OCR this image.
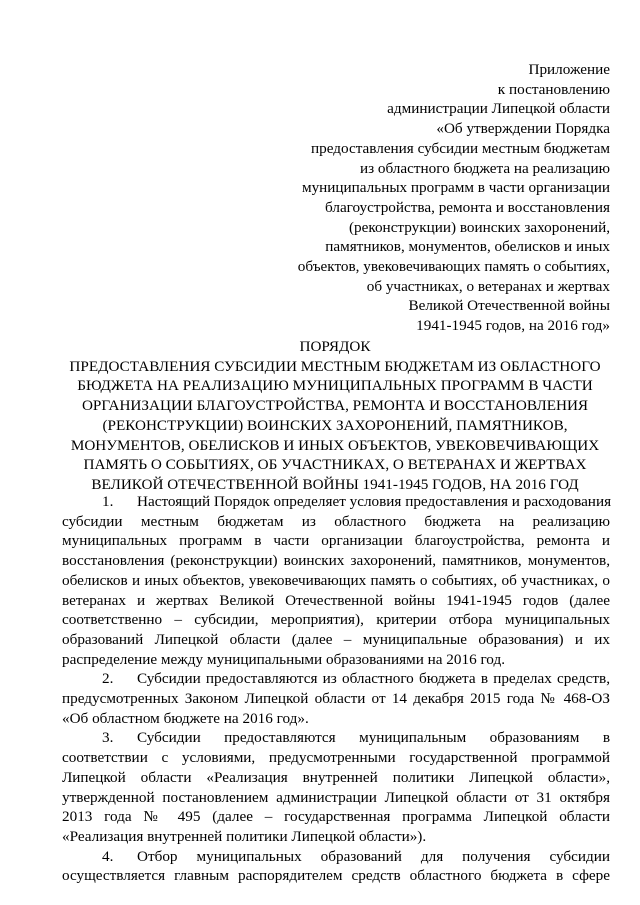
Приложение
к постановлению
администрации Липецкой области
«Об утверждении Порядка
предоставления субсидии местным бюджетам
из областного бюджета на реализацию
муниципальных программ в части организации
благоустройства, ремонта и восстановления
(реконструкции) воинских захоронений,
памятников, монументов, обелисков и иных
объектов, увековечивающих память о событиях,
об участниках, о ветеранах и жертвах
Великой Отечественной войны
1941-1945 годов, на 2016 год»
ПОРЯДОК
ПРЕДОСТАВЛЕНИЯ СУБСИДИИ МЕСТНЫМ БЮДЖЕТАМ ИЗ ОБЛАСТНОГО
БЮДЖЕТА НА РЕАЛИЗАЦИЮ МУНИЦИПАЛЬНЫХ ПРОГРАММ В ЧАСТИ
ОРГАНИЗАЦИИ БЛАГОУСТРОЙСТВА, РЕМОНТА И ВОССТАНОВЛЕНИЯ
(РЕКОНСТРУКЦИИ) ВОИНСКИХ ЗАХОРОНЕНИЙ, ПАМЯТНИКОВ,
МОНУМЕНТОВ, ОБЕЛИСКОВ И ИНЫХ ОБЪЕКТОВ, УВЕКОВЕЧИВАЮЩИХ
ПАМЯТЬ О СОБЫТИЯХ, ОБ УЧАСТНИКАХ, О ВЕТЕРАНАХ И ЖЕРТВАХ
ВЕЛИКОЙ ОТЕЧЕСТВЕННОЙ ВОЙНЫ 1941-1945 ГОДОВ, НА 2016 ГОД
1. Настоящий Порядок определяет условия предоставления и расходования
субсидии местным бюджетам из областного бюджета на реализацию
муниципальных программ в части организации благоустройства, ремонта и
восстановления (реконструкции) воинских захоронений, памятников, монументов,
обелисков и иных объектов, увековечивающих память о событиях, об участниках, о
ветеранах и жертвах Великой Отечественной войны 1941-1945 годов (далее
соответственно – субсидии, мероприятия), критерии отбора муниципальных
образований Липецкой области (далее – муниципальные образования) и их
распределение между муниципальными образованиями на 2016 год.
2. Субсидии предоставляются из областного бюджета в пределах средств,
предусмотренных Законом Липецкой области от 14 декабря 2015 года № 468-ОЗ
«Об областном бюджете на 2016 год».
3. Субсидии предоставляются муниципальным образованиям в
соответствии с условиями, предусмотренными государственной программой
Липецкой области «Реализация внутренней политики Липецкой области»,
утвержденной постановлением администрации Липецкой области от 31 октября
2013 года № 495 (далее – государственная программа Липецкой области
«Реализация внутренней политики Липецкой области»).
4. Отбор муниципальных образований для получения субсидии
осуществляется главным распорядителем средств областного бюджета в сфере
